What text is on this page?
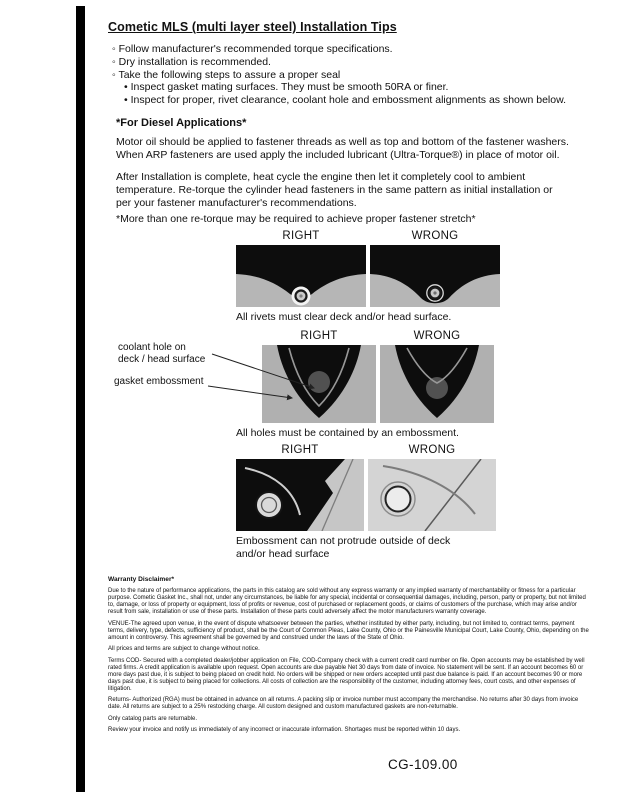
Cometic MLS (multi layer steel) Installation Tips
◦ Follow manufacturer's recommended torque specifications.
◦ Dry installation is recommended.
◦ Take the following steps to assure a proper seal
• Inspect gasket mating surfaces. They must be smooth 50RA or finer.
• Inspect for proper, rivet clearance, coolant hole and embossment alignments as shown below.
*For Diesel Applications*
Motor oil should be applied to fastener threads as well as top and bottom of the fastener washers. When ARP fasteners are used apply the included lubricant (Ultra-Torque®) in place of motor oil.
After Installation is complete, heat cycle the engine then let it completely cool to ambient temperature. Re-torque the cylinder head fasteners in the same pattern as initial installation or per your fastener manufacturer's recommendations.
*More than one re-torque may be required to achieve proper fastener stretch*
RIGHT	WRONG
All rivets must clear deck and/or head surface.
coolant hole on deck / head surface
gasket embossment
RIGHT	WRONG
All holes must be contained by an embossment.
RIGHT	WRONG
Embossment can not protrude outside of deck and/or head surface
Warranty Disclaimer*

Due to the nature of performance applications, the parts in this catalog are sold without any express warranty or any implied warranty of merchantability or fitness for a particular purpose. Cometic Gasket Inc., shall not, under any circumstances, be liable for any special, incidental or consequential damages, including, person, party or property, but not limited to, damage, or loss of property or equipment, loss of profits or revenue, cost of purchased or replacement goods, or claims of customers of the purchase, which may arise and/or result from sale, installation or use of these parts. Installation of these parts could adversely affect the motor manufacturers warranty coverage.

VENUE-The agreed upon venue, in the event of dispute whatsoever between the parties, whether instituted by either party, including, but not limited to, contract terms, payment terms, delivery, type, defects, sufficiency of product, shall be the Court of Common Pleas, Lake County, Ohio or the Painesville Municipal Court, Lake County, Ohio, depending on the amount in controversy. This agreement shall be governed by and construed under the laws of the State of Ohio.

All prices and terms are subject to change without notice.

Terms COD- Secured with a completed dealer/jobber application on File, COD-Company check with a current credit card number on file. Open accounts may be established by well rated firms. A credit application is available upon request. Open accounts are due payable Net 30 days from date of invoice. No statement will be sent. If an account becomes 60 or more days past due, it is subject to being placed on credit hold. No orders will be shipped or new orders accepted until past due balance is paid. If an account becomes 90 or more days past due, it is subject to being placed for collections. All costs of collection are the responsibility of the customer, including attorney fees, court costs, and other expenses of litigation.

Returns- Authorized (RGA) must be obtained in advance on all returns. A packing slip or invoice number must accompany the merchandise. No returns after 30 days from invoice date. All returns are subject to a 25% restocking charge. All custom designed and custom manufactured gaskets are non-returnable.

Only catalog parts are returnable.

Review your invoice and notify us immediately of any incorrect or inaccurate information. Shortages must be reported within 10 days.

CG-109.00
